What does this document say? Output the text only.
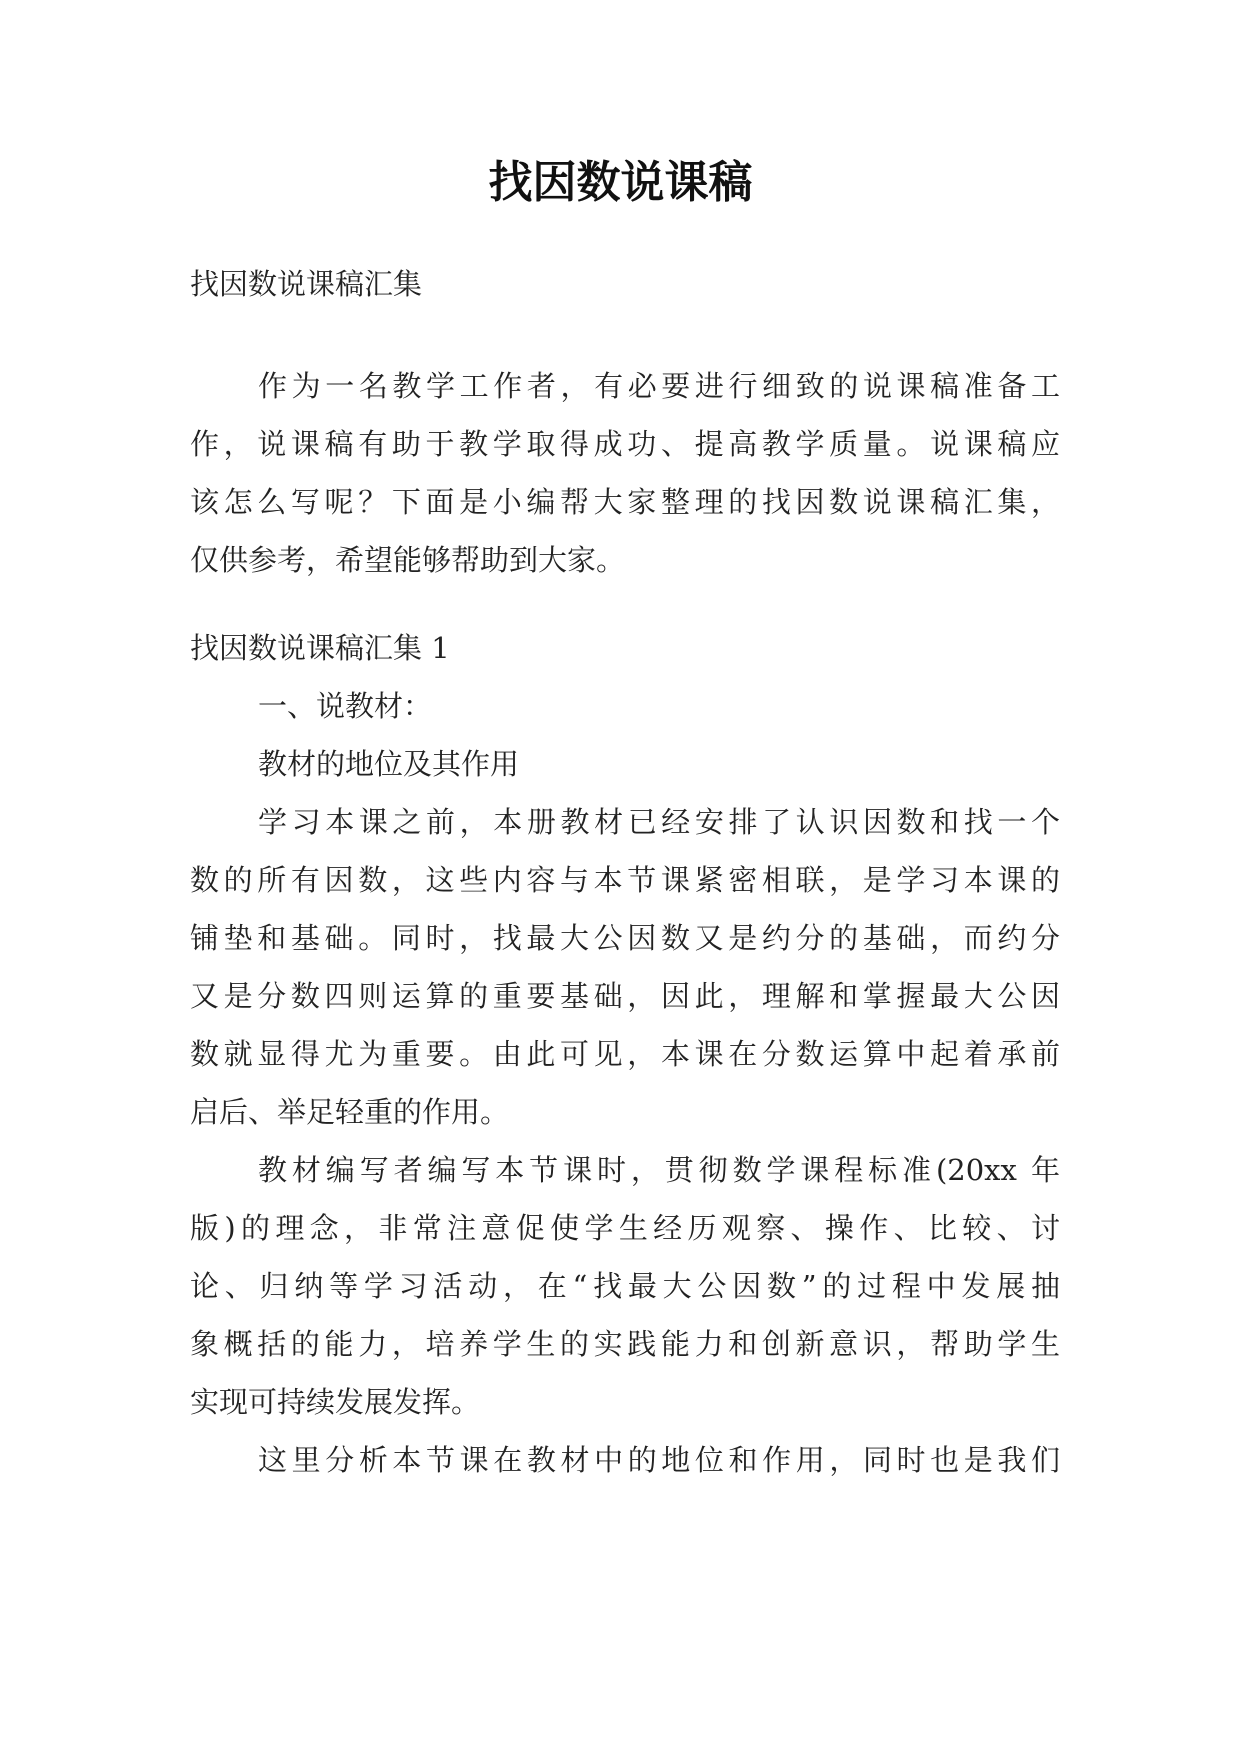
找因数说课稿
找因数说课稿汇集
作为一名教学工作者，有必要进行细致的说课稿准备工
作，说课稿有助于教学取得成功、提高教学质量。说课稿应
该怎么写呢？下面是小编帮大家整理的找因数说课稿汇集，
仅供参考，希望能够帮助到大家。
找因数说课稿汇集 1
一、说教材：
教材的地位及其作用
学习本课之前，本册教材已经安排了认识因数和找一个
数的所有因数，这些内容与本节课紧密相联，是学习本课的
铺垫和基础。同时，找最大公因数又是约分的基础，而约分
又是分数四则运算的重要基础，因此，理解和掌握最大公因
数就显得尤为重要。由此可见，本课在分数运算中起着承前
启后、举足轻重的作用。
教材编写者编写本节课时，贯彻数学课程标准(20xx 年
版)的理念，非常注意促使学生经历观察、操作、比较、讨
论、归纳等学习活动，在“找最大公因数”的过程中发展抽
象概括的能力，培养学生的实践能力和创新意识，帮助学生
实现可持续发展发挥。
这里分析本节课在教材中的地位和作用，同时也是我们
